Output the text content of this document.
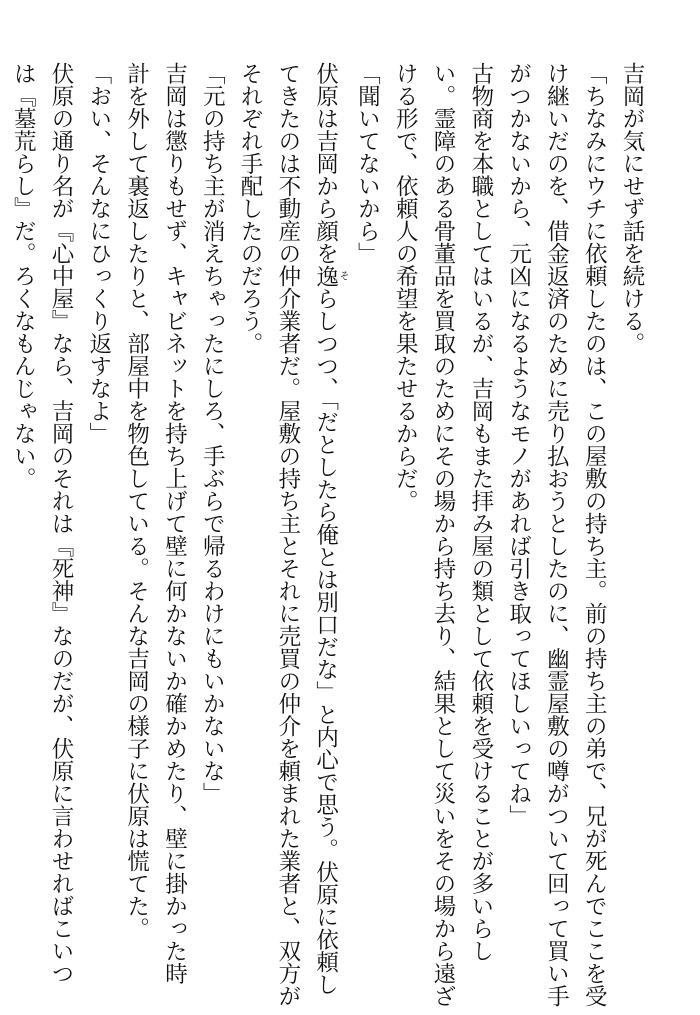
吉岡が気にせず話を続ける。
「ちなみにウチに依頼したのは、この屋敷の持ち主。前の持ち主の弟で、兄が死んでここを受
け継いだのを、借金返済のために売り払おうとしたのに、幽霊屋敷の噂がついて回って買い手
がつかないから、元凶になるようなモノがあれば引き取ってほしいってね」
古物商を本職としてはいるが、吉岡もまた拝み屋の類として依頼を受けることが多いらし
い。霊障のある骨董品を買取のためにその場から持ち去り、結果として災いをその場から遠ざ
ける形で、依頼人の希望を果たせるからだ。
「聞いてないから」
伏原は吉岡から顔を逸そらしつつ、「だとしたら俺とは別口だな」と内心で思う。伏原に依頼し
てきたのは不動産の仲介業者だ。屋敷の持ち主とそれに売買の仲介を頼まれた業者と、双方が
それぞれ手配したのだろう。
「元の持ち主が消えちゃったにしろ、手ぶらで帰るわけにもいかないな」
吉岡は懲りもせず、キャビネットを持ち上げて壁に何かないか確かめたり、壁に掛かった時
計を外して裏返したりと、部屋中を物色している。そんな吉岡の様子に伏原は慌てた。
「おい、そんなにひっくり返すなよ」
伏原の通り名が『心中屋』なら、吉岡のそれは『死神』なのだが、伏原に言わせればこいつ
は『墓荒らし』だ。ろくなもんじゃない。
